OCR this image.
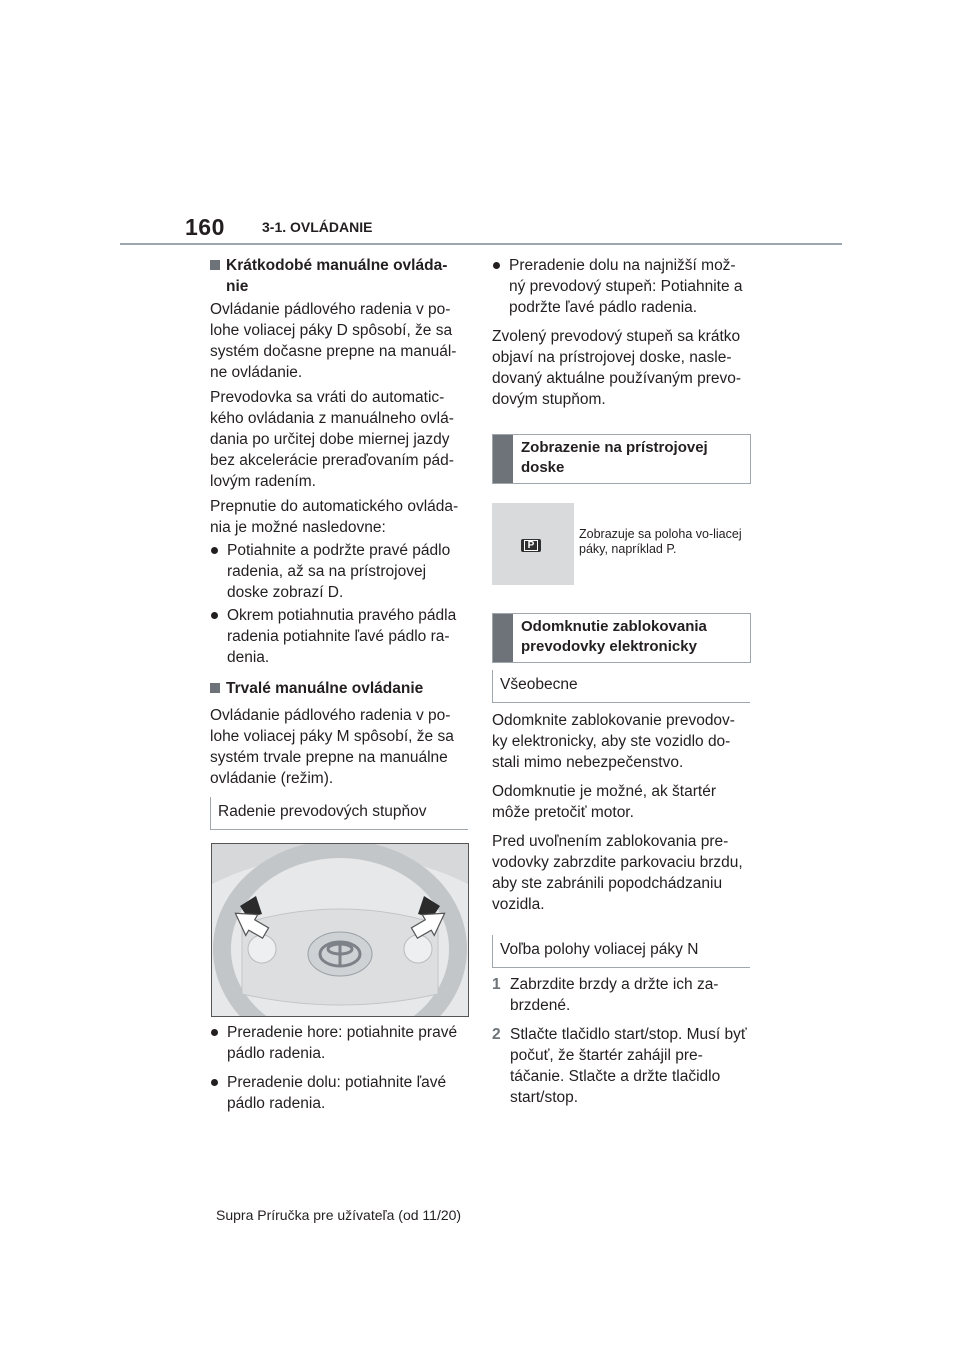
160	3-1. OVLÁDANIE
Krátkodobé manuálne ovláda-nie

Ovládanie pádlového radenia v po-lohe voliacej páky D spôsobí, že sa systém dočasne prepne na manuál-ne ovládanie.

Prevodovka sa vráti do automatic-kého ovládania z manuálneho ovlá-dania po určitej dobe miernej jazdy bez akcelerácie preraďovaním pád-lovým radením.

Prepnutie do automatického ovláda-nia je možné nasledovne:

Potiahnite a podržte pravé pádlo radenia, až sa na prístrojovej doske zobrazí D.
Okrem potiahnutia pravého pádla radenia potiahnite ľavé pádlo ra-denia.
Trvalé manuálne ovládanie

Ovládanie pádlového radenia v po-lohe voliacej páky M spôsobí, že sa systém trvale prepne na manuálne ovládanie (režim).

Radenie prevodových stupňov
Preradenie hore: potiahnite pravé pádlo radenia.
Preradenie dolu: potiahnite ľavé pádlo radenia.
Preradenie dolu na najnižší mož-ný prevodový stupeň: Potiahnite a podržte ľavé pádlo radenia.

Zvolený prevodový stupeň sa krátko objaví na prístrojovej doske, nasle-dovaný aktuálne používaným prevo-dovým stupňom.

Zobrazenie na prístrojovej doske
P
Zobrazuje sa poloha vo-liacej páky, napríklad P.
Odomknutie zablokovania prevodovky elektronicky
Všeobecne

Odomknite zablokovanie prevodov-ky elektronicky, aby ste vozidlo do-stali mimo nebezpečenstvo.

Odomknutie je možné, ak štartér môže pretočiť motor.

Pred uvoľnením zablokovania pre-vodovky zabrzdite parkovaciu brzdu, aby ste zabránili popodchádzaniu vozidla.

Voľba polohy voliacej páky N
1 Zabrzdite brzdy a držte ich za-brzdené.
2 Stlačte tlačidlo start/stop. Musí byť počuť, že štartér zahájil pre-táčanie. Stlačte a držte tlačidlo start/stop.
Supra Príručka pre užívateľa (od 11/20)
